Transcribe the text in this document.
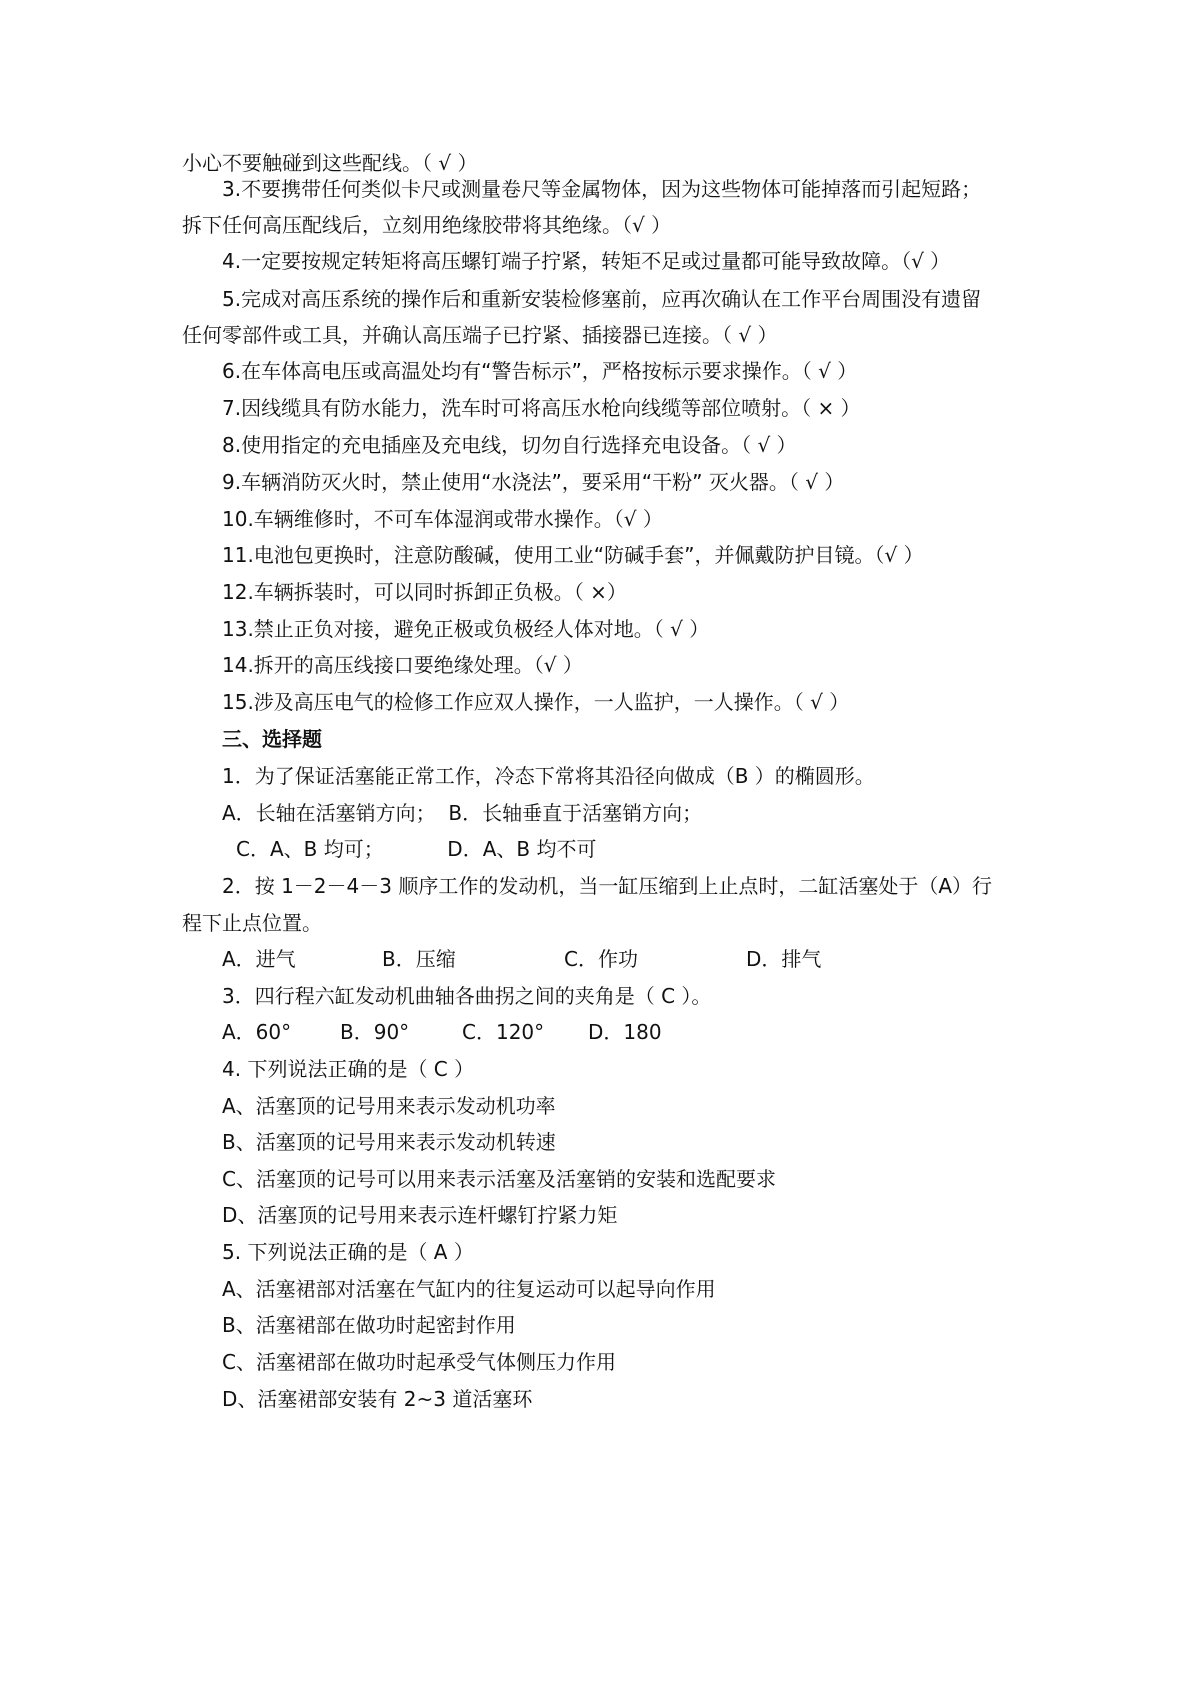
小心不要触碰到这些配线。（ √ ）
3.不要携带任何类似卡尺或测量卷尺等金属物体，因为这些物体可能掉落而引起短路；
拆下任何高压配线后，立刻用绝缘胶带将其绝缘。（√ ）
4.一定要按规定转矩将高压螺钉端子拧紧，转矩不足或过量都可能导致故障。（√ ）
5.完成对高压系统的操作后和重新安装检修塞前，应再次确认在工作平台周围没有遗留
任何零部件或工具，并确认高压端子已拧紧、插接器已连接。（ √ ）
6.在车体高电压或高温处均有“警告标示”，严格按标示要求操作。（ √ ）
7.因线缆具有防水能力，洗车时可将高压水枪向线缆等部位喷射。（ × ）
8.使用指定的充电插座及充电线，切勿自行选择充电设备。（ √ ）
9.车辆消防灭火时，禁止使用“水浇法”，要采用“干粉” 灭火器。（ √ ）
10.车辆维修时，不可车体湿润或带水操作。（√ ）
11.电池包更换时，注意防酸碱，使用工业“防碱手套”，并佩戴防护目镜。（√ ）
12.车辆拆装时，可以同时拆卸正负极。（ ×）
13.禁止正负对接，避免正极或负极经人体对地。（ √ ）
14.拆开的高压线接口要绝缘处理。（√ ）
15.涉及高压电气的检修工作应双人操作，一人监护，一人操作。（ √ ）
三、选择题
1．为了保证活塞能正常工作，冷态下常将其沿径向做成（B ）的椭圆形。
A．长轴在活塞销方向；  B．长轴垂直于活塞销方向；
C．A、B 均可；          D．A、B 均不可
2．按 1－2－4－3 顺序工作的发动机，当一缸压缩到上止点时，二缸活塞处于（A）行
程下止点位置。

A．进气

	B．压缩

	C．作功

	D．排气

3．四行程六缸发动机曲轴各曲拐之间的夹角是（ C ）。

A．60°

B．90°

	C．120°

D．180

4. 下列说法正确的是（ C ）
A、活塞顶的记号用来表示发动机功率
B、活塞顶的记号用来表示发动机转速
C、活塞顶的记号可以用来表示活塞及活塞销的安装和选配要求
D、活塞顶的记号用来表示连杆螺钉拧紧力矩
5. 下列说法正确的是（ A ）
A、活塞裙部对活塞在气缸内的往复运动可以起导向作用
B、活塞裙部在做功时起密封作用
C、活塞裙部在做功时起承受气体侧压力作用
D、活塞裙部安装有 2~3 道活塞环
